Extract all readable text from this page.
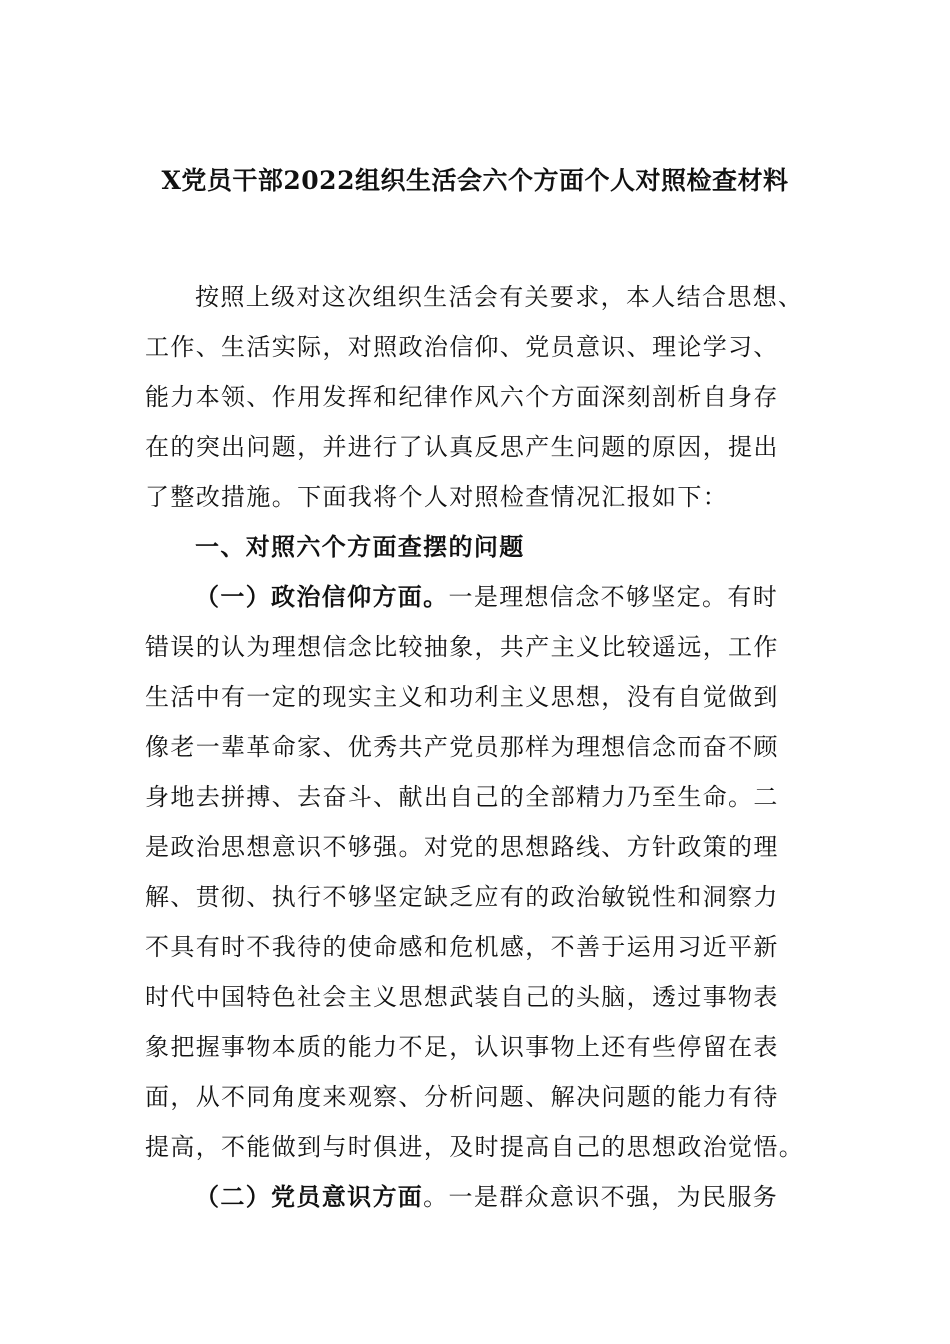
X党员干部2022组织生活会六个方面个人对照检查材料
按照上级对这次组织生活会有关要求，本人结合思想、
工作、生活实际，对照政治信仰、党员意识、理论学习、
能力本领、作用发挥和纪律作风六个方面深刻剖析自身存
在的突出问题，并进行了认真反思产生问题的原因，提出
了整改措施。下面我将个人对照检查情况汇报如下：
一、对照六个方面查摆的问题
（一）政治信仰方面。一是理想信念不够坚定。有时
错误的认为理想信念比较抽象，共产主义比较遥远，工作
生活中有一定的现实主义和功利主义思想，没有自觉做到
像老一辈革命家、优秀共产党员那样为理想信念而奋不顾
身地去拼搏、去奋斗、献出自己的全部精力乃至生命。二
是政治思想意识不够强。对党的思想路线、方针政策的理
解、贯彻、执行不够坚定缺乏应有的政治敏锐性和洞察力
不具有时不我待的使命感和危机感，不善于运用习近平新
时代中国特色社会主义思想武装自己的头脑，透过事物表
象把握事物本质的能力不足，认识事物上还有些停留在表
面，从不同角度来观察、分析问题、解决问题的能力有待
提高，不能做到与时俱进，及时提高自己的思想政治觉悟。
（二）党员意识方面。一是群众意识不强，为民服务
